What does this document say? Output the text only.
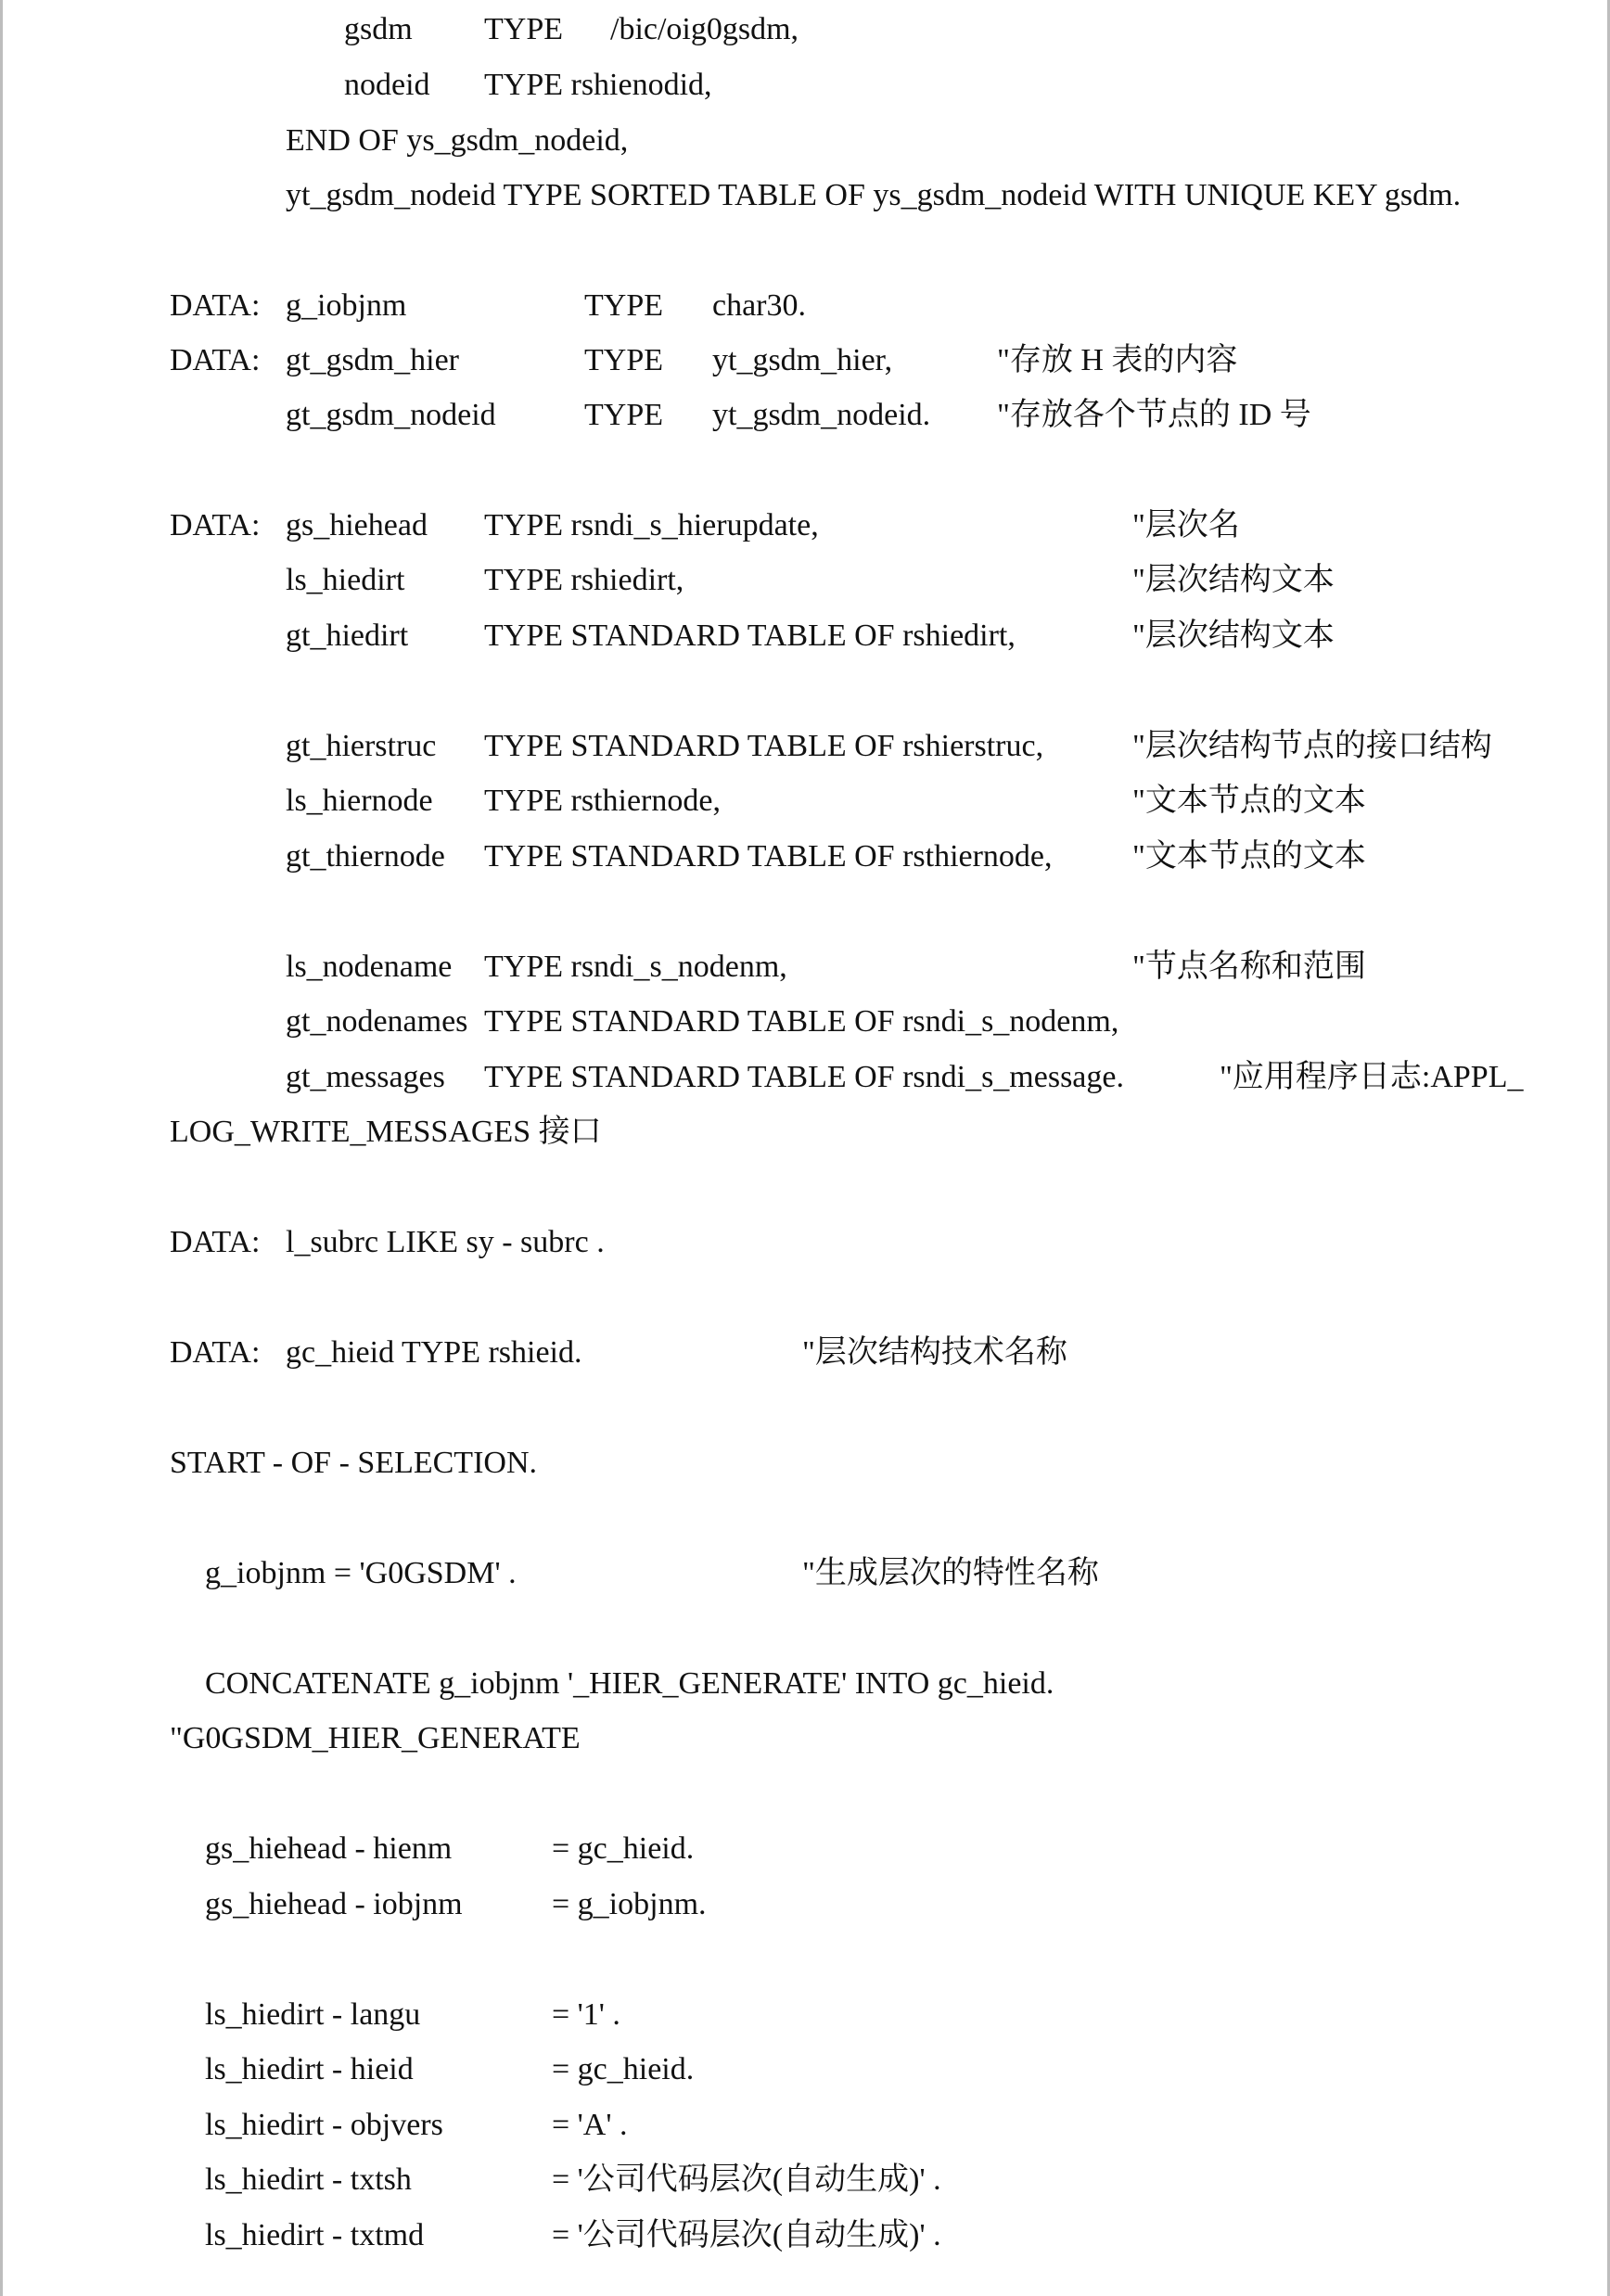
gsdm TYPE /bic/oig0gsdm,
nodeid TYPE rshienodid,
END OF ys_gsdm_nodeid,
yt_gsdm_nodeid TYPE SORTED TABLE OF ys_gsdm_nodeid WITH UNIQUE KEY gsdm.
DATA: g_iobjnm	TYPE char30.
DATA: gt_gsdm_hier	TYPE yt_gsdm_hier,	"存放 H 表的内容
gt_gsdm_nodeid	TYPE yt_gsdm_nodeid. "存放各个节点的 ID 号
DATA: gs_hiehead TYPE rsndi_s_hierupdate,	"层次名
ls_hiedirt	TYPE rshiedirt,	"层次结构文本
gt_hiedirt TYPE STANDARD TABLE OF rshiedirt,	"层次结构文本
gt_hierstruc TYPE STANDARD TABLE OF rshierstruc,	"层次结构节点的接口结构
ls_hiernode TYPE rsthiernode,	"文本节点的文本
gt_thiernode TYPE STANDARD TABLE OF rsthiernode,	"文本节点的文本
ls_nodename TYPE rsndi_s_nodenm,	"节点名称和范围
gt_nodenames TYPE STANDARD TABLE OF rsndi_s_nodenm,
gt_messages TYPE STANDARD TABLE OF rsndi_s_message.	"应用程序日志:APPL_
LOG_WRITE_MESSAGES 接口
DATA: l_subrc LIKE sy - subrc .
DATA: gc_hieid TYPE rshieid.	"层次结构技术名称
START - OF - SELECTION.
g_iobjnm = 'G0GSDM' .	"生成层次的特性名称
CONCATENATE g_iobjnm '_HIER_GENERATE' INTO gc_hieid.
"G0GSDM_HIER_GENERATE
gs_hiehead - hienm	= gc_hieid.
gs_hiehead - iobjnm	= g_iobjnm.
ls_hiedirt - langu	= '1' .
ls_hiedirt - hieid	= gc_hieid.
ls_hiedirt - objvers	= 'A' .
ls_hiedirt - txtsh	= '公司代码层次(自动生成)' .
ls_hiedirt - txtmd	= '公司代码层次(自动生成)' .
